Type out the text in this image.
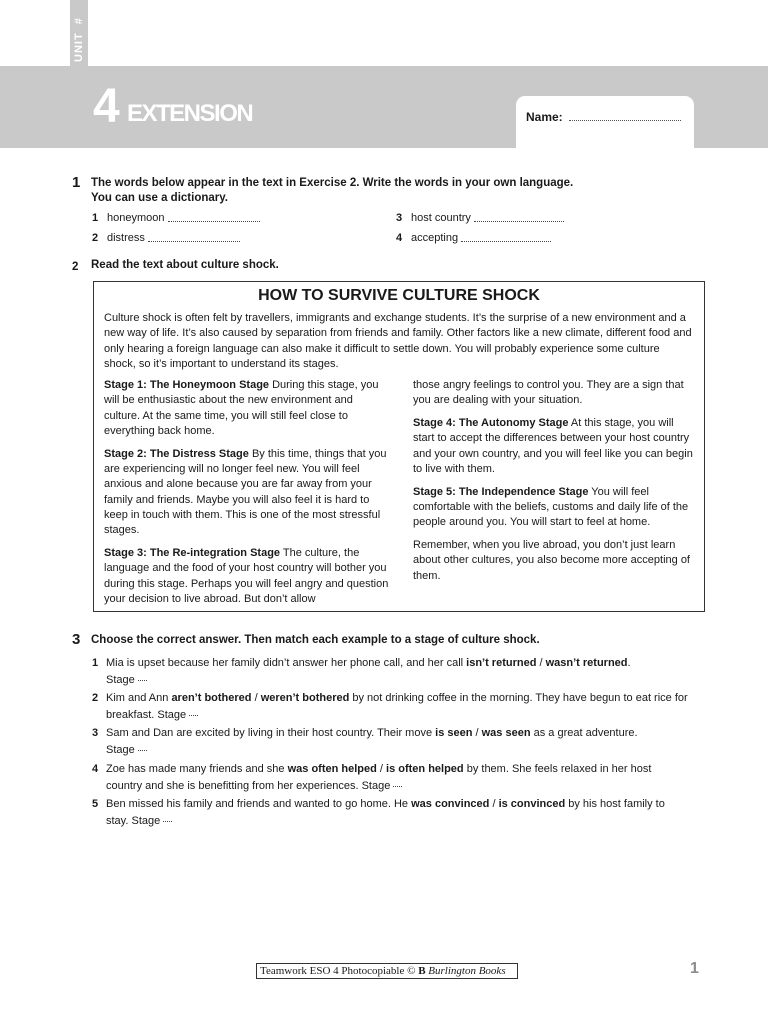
UNIT  #
4 EXTENSION	Name:
1 The words below appear in the text in Exercise 2. Write the words in your own language.
You can use a dictionary.
1 honeymoon
2 distress
3 host country
4 accepting
2 Read the text about culture shock.
HOW TO SURVIVE CULTURE SHOCK
Culture shock is often felt by travellers, immigrants and exchange students. It’s the surprise of a new environment and a new way of life. It’s also caused by separation from friends and family. Other factors like a new climate, different food and only hearing a foreign language can also make it difficult to settle down. You will probably experience some culture shock, so it’s important to understand its stages.

Stage 1: The Honeymoon Stage During this stage, you will be enthusiastic about the new environment and culture. At the same time, you will still feel close to everything back home.

Stage 2: The Distress Stage By this time, things that you are experiencing will no longer feel new. You will feel anxious and alone because you are far away from your family and friends. Maybe you will also feel it is hard to keep in touch with them. This is one of the most stressful stages.

Stage 3: The Re-integration Stage The culture, the language and the food of your host country will bother you during this stage. Perhaps you will feel angry and question your decision to live abroad. But don’t allow

those angry feelings to control you. They are a sign that you are dealing with your situation.

Stage 4: The Autonomy Stage At this stage, you will start to accept the differences between your host country and your own country, and you will feel like you can begin to live with them.

Stage 5: The Independence Stage You will feel comfortable with the beliefs, customs and daily life of the people around you. You will start to feel at home.

Remember, when you live abroad, you don’t just learn about other cultures, you also become more accepting of them.

3 Choose the correct answer. Then match each example to a stage of culture shock.
1 Mia is upset because her family didn’t answer her phone call, and her call isn’t returned / wasn’t returned.
Stage
2 Kim and Ann aren’t bothered / weren’t bothered by not drinking coffee in the morning. They have begun to eat rice for breakfast. Stage
3 Sam and Dan are excited by living in their host country. Their move is seen / was seen as a great adventure.
Stage
4 Zoe has made many friends and she was often helped / is often helped by them. She feels relaxed in her host country and she is benefitting from her experiences. Stage
5 Ben missed his family and friends and wanted to go home. He was convinced / is convinced by his host family to stay. Stage
Teamwork ESO 4 Photocopiable © B Burlington Books	1
